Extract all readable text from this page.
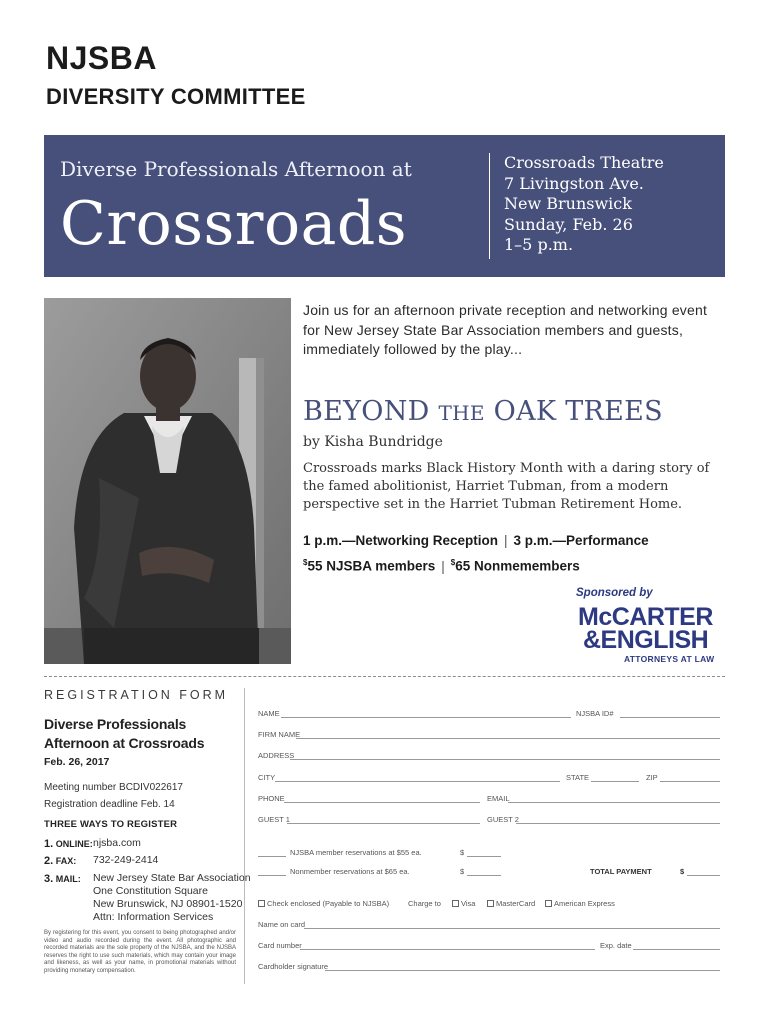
NJSBA
DIVERSITY COMMITTEE
Diverse Professionals Afternoon at
Crossroads
Crossroads Theatre
7 Livingston Ave.
New Brunswick
Sunday, Feb. 26
1–5 p.m.
Join us for an afternoon private reception and networking event for New Jersey State Bar Association members and guests, immediately followed by the play...
BEYOND THE OAK TREES
by Kisha Bundridge
Crossroads marks Black History Month with a daring story of the famed abolitionist, Harriet Tubman, from a modern perspective set in the Harriet Tubman Retirement Home.
1 p.m.—Networking Reception | 3 p.m.—Performance
$55 NJSBA members | $65 Nonmemembers
Sponsored by
McCARTER
&ENGLISH
ATTORNEYS AT LAW
REGISTRATION FORM
Diverse Professionals
Afternoon at Crossroads
Feb. 26, 2017
Meeting number BCDIV022617
Registration deadline Feb. 14
THREE WAYS TO REGISTER
1. ONLINE: njsba.com
2. FAX: 732-249-2414
3. MAIL: New Jersey State Bar Association
One Constitution Square
New Brunswick, NJ 08901-1520
Attn: Information Services
By registering for this event, you consent to being photographed and/or video and audio recorded during the event. All photographic and recorded materials are the sole property of the NJSBA, and the NJSBA reserves the right to use such materials, which may contain your image and likeness, as well as your name, in promotional materials without providing monetary compensation.
NAME	NJSBA ID#
FIRM NAME
ADDRESS
CITY	STATE	ZIP
PHONE	EMAIL
GUEST 1	GUEST 2
NJSBA member reservations at $55 ea.	$
Nonmember reservations at $65 ea.	$	TOTAL PAYMENT	$
Check enclosed (Payable to NJSBA)	Charge to	Visa	MasterCard	American Express
Name on card
Card number	Exp. date
Cardholder signature
